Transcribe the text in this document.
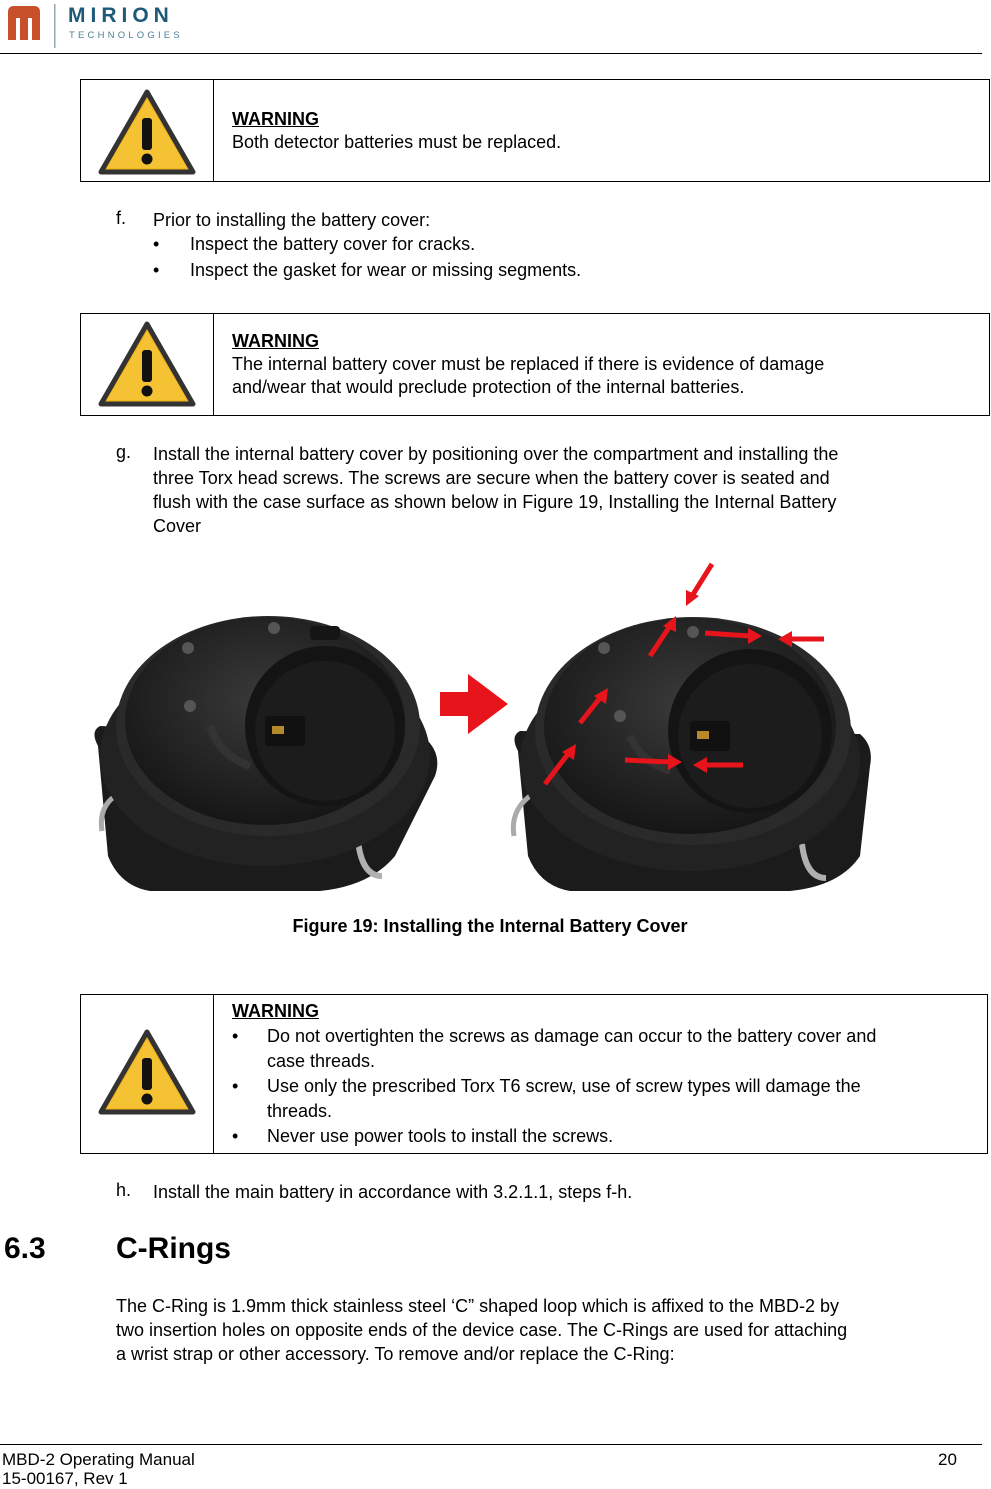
MIRION
TECHNOLOGIES
WARNING
Both detector batteries must be replaced.
f. Prior to installing the battery cover:
• Inspect the battery cover for cracks.
• Inspect the gasket for wear or missing segments.
WARNING
The internal battery cover must be replaced if there is evidence of damage
and/wear that would preclude protection of the internal batteries.
g. Install the internal battery cover by positioning over the compartment and installing the
three Torx head screws. The screws are secure when the battery cover is seated and
flush with the case surface as shown below in Figure 19, Installing the Internal Battery
Cover
Figure 19: Installing the Internal Battery Cover
WARNING
• Do not overtighten the screws as damage can occur to the battery cover and
case threads.
• Use only the prescribed Torx T6 screw, use of screw types will damage the
threads.
• Never use power tools to install the screws.
h. Install the main battery in accordance with 3.2.1.1, steps f-h.
6.3 C-Rings
The C-Ring is 1.9mm thick stainless steel ‘C” shaped loop which is affixed to the MBD-2 by
two insertion holes on opposite ends of the device case. The C-Rings are used for attaching
a wrist strap or other accessory. To remove and/or replace the C-Ring:
MBD-2 Operating Manual
15-00167, Rev 1
20
